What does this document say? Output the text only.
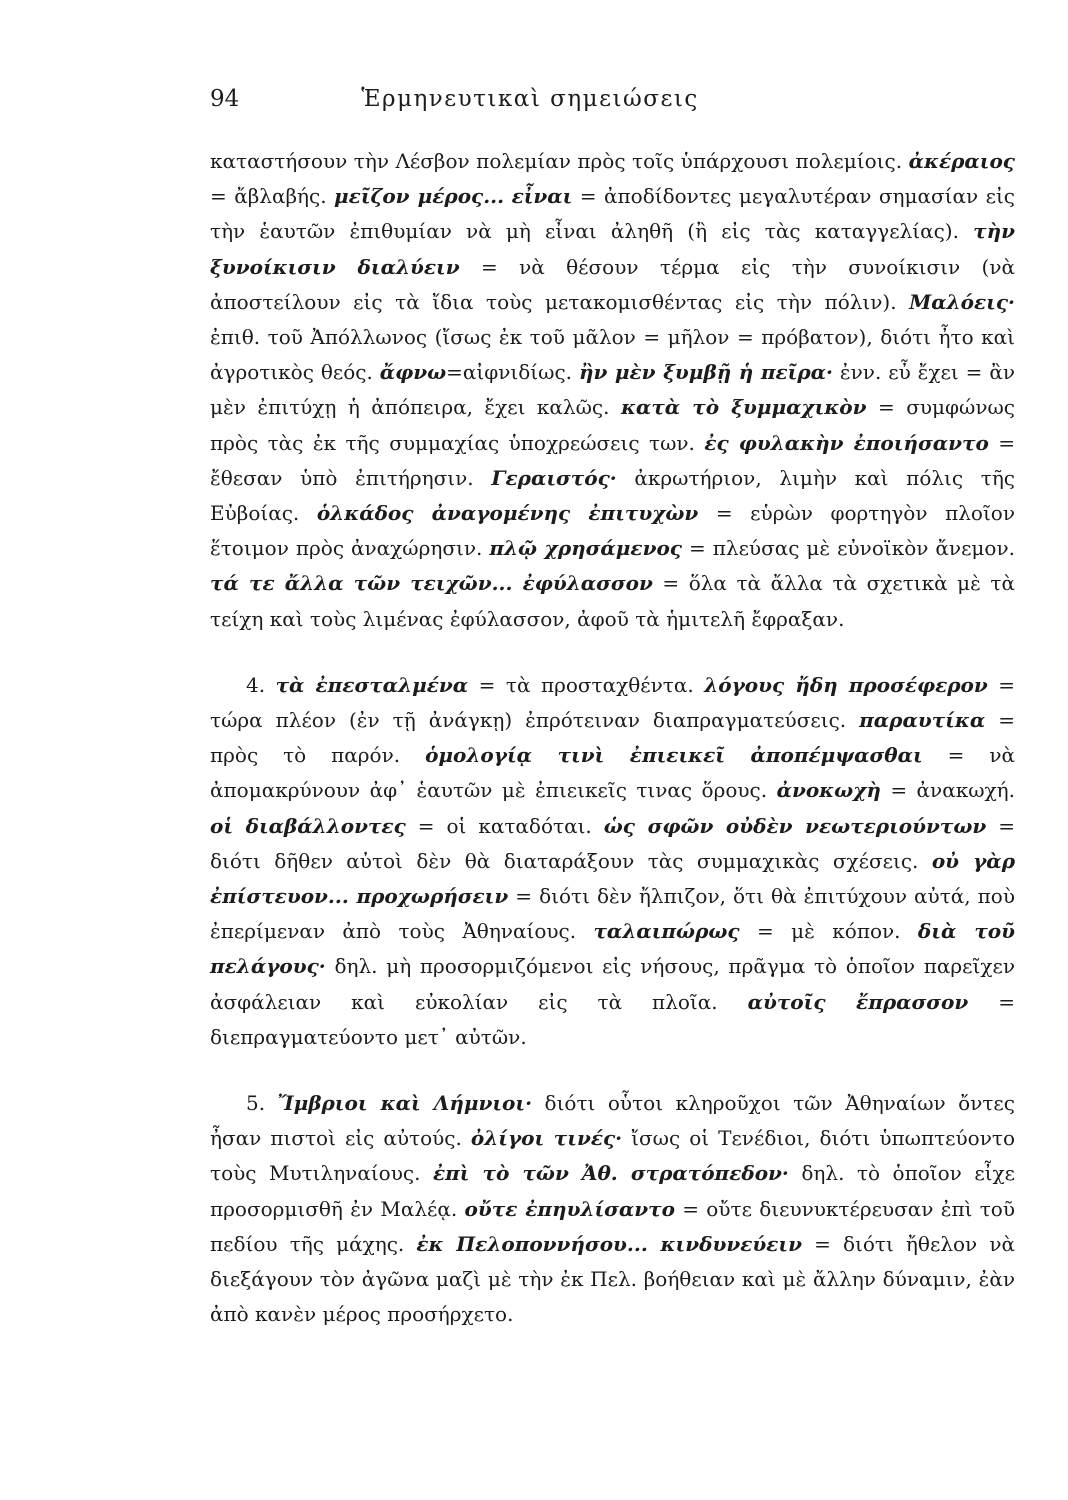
94	Ἑρμηνευτικαὶ σημειώσεις

καταστήσουν τὴν Λέσβον πολεμίαν πρὸς τοῖς ὑπάρχουσι πολεμίοις. ἀκέραιος = ἄβλαβής. μεῖζον μέρος... εἶναι = ἀποδίδοντες μεγαλυτέραν σημασίαν εἰς τὴν ἑαυτῶν ἐπιθυμίαν νὰ μὴ εἶναι ἀληθῆ (ἢ εἰς τὰς καταγγελίας). τὴν ξυνοίκισιν διαλύειν = νὰ θέσουν τέρμα εἰς τὴν συνοίκισιν (νὰ ἀποστείλουν εἰς τὰ ἴδια τοὺς μετακομισθέντας εἰς τὴν πόλιν). Μαλόεις· ἐπιθ. τοῦ Ἀπόλλωνος (ἴσως ἐκ τοῦ μᾶλον = μῆλον = πρόβατον), διότι ἦτο καὶ ἀγροτικὸς θεός. ἄφνω=αἰφνιδίως. ἢν μὲν ξυμβῇ ἡ πεῖρα· ἐνν. εὖ ἔχει = ἂν μὲν ἐπιτύχῃ ἡ ἀπόπειρα, ἔχει καλῶς. κατὰ τὸ ξυμμαχικὸν = συμφώνως πρὸς τὰς ἐκ τῆς συμμαχίας ὑποχρεώσεις των. ἐς φυλακὴν ἐποιήσαντο = ἔθεσαν ὑπὸ ἐπιτήρησιν. Γεραιστός· ἀκρωτήριον, λιμὴν καὶ πόλις τῆς Εὐβοίας. ὁλκάδος ἀναγομένης ἐπιτυχὼν = εὑρὼν φορτηγὸν πλοῖον ἕτοιμον πρὸς ἀναχώρησιν. πλῷ χρησάμενος = πλεύσας μὲ εὐνοϊκὸν ἄνεμον. τά τε ἄλλα τῶν τειχῶν... ἐφύλασσον = ὅλα τὰ ἄλλα τὰ σχετικὰ μὲ τὰ τείχη καὶ τοὺς λιμένας ἐφύλασσον, ἀφοῦ τὰ ἡμιτελῆ ἔφραξαν.

4. τὰ ἐπεσταλμένα = τὰ προσταχθέντα. λόγους ἤδη προσέφερον = τώρα πλέον (ἐν τῇ ἀνάγκῃ) ἐπρότειναν διαπραγματεύσεις. παραυτίκα = πρὸς τὸ παρόν. ὁμολογίᾳ τινὶ ἐπιεικεῖ ἀποπέμψασθαι = νὰ ἀπομακρύνουν ἀφ᾿ ἑαυτῶν μὲ ἐπιεικεῖς τινας ὅρους. ἀνοκωχὴ = ἀνακωχή. οἱ διαβάλλοντες = οἱ καταδόται. ὡς σφῶν οὐδὲν νεωτεριούντων = διότι δῆθεν αὐτοὶ δὲν θὰ διαταράξουν τὰς συμμαχικὰς σχέσεις. οὐ γὰρ ἐπίστευον... προχωρήσειν = διότι δὲν ἤλπιζον, ὅτι θὰ ἐπιτύχουν αὐτά, ποὺ ἐπερίμεναν ἀπὸ τοὺς Ἀθηναίους. ταλαιπώρως = μὲ κόπον. διὰ τοῦ πελάγους· δηλ. μὴ προσορμιζόμενοι εἰς νήσους, πρᾶγμα τὸ ὁποῖον παρεῖχεν ἀσφάλειαν καὶ εὐκολίαν εἰς τὰ πλοῖα. αὐτοῖς ἔπρασσον = διεπραγματεύοντο μετ᾿ αὐτῶν.

5. Ἴμβριοι καὶ Λήμνιοι· διότι οὗτοι κληροῦχοι τῶν Ἀθηναίων ὄντες ἦσαν πιστοὶ εἰς αὐτούς. ὀλίγοι τινές· ἴσως οἱ Τενέδιοι, διότι ὑπωπτεύοντο τοὺς Μυτιληναίους. ἐπὶ τὸ τῶν Ἀθ. στρατόπεδον· δηλ. τὸ ὁποῖον εἶχε προσορμισθῆ ἐν Μαλέᾳ. οὔτε ἐπηυλίσαντο = οὔτε διευνυκτέρευσαν ἐπὶ τοῦ πεδίου τῆς μάχης. ἐκ Πελοποννήσου... κινδυνεύειν = διότι ἤθελον νὰ διεξάγουν τὸν ἀγῶνα μαζὶ μὲ τὴν ἐκ Πελ. βοήθειαν καὶ μὲ ἄλλην δύναμιν, ἐὰν ἀπὸ κανὲν μέρος προσήρχετο.
